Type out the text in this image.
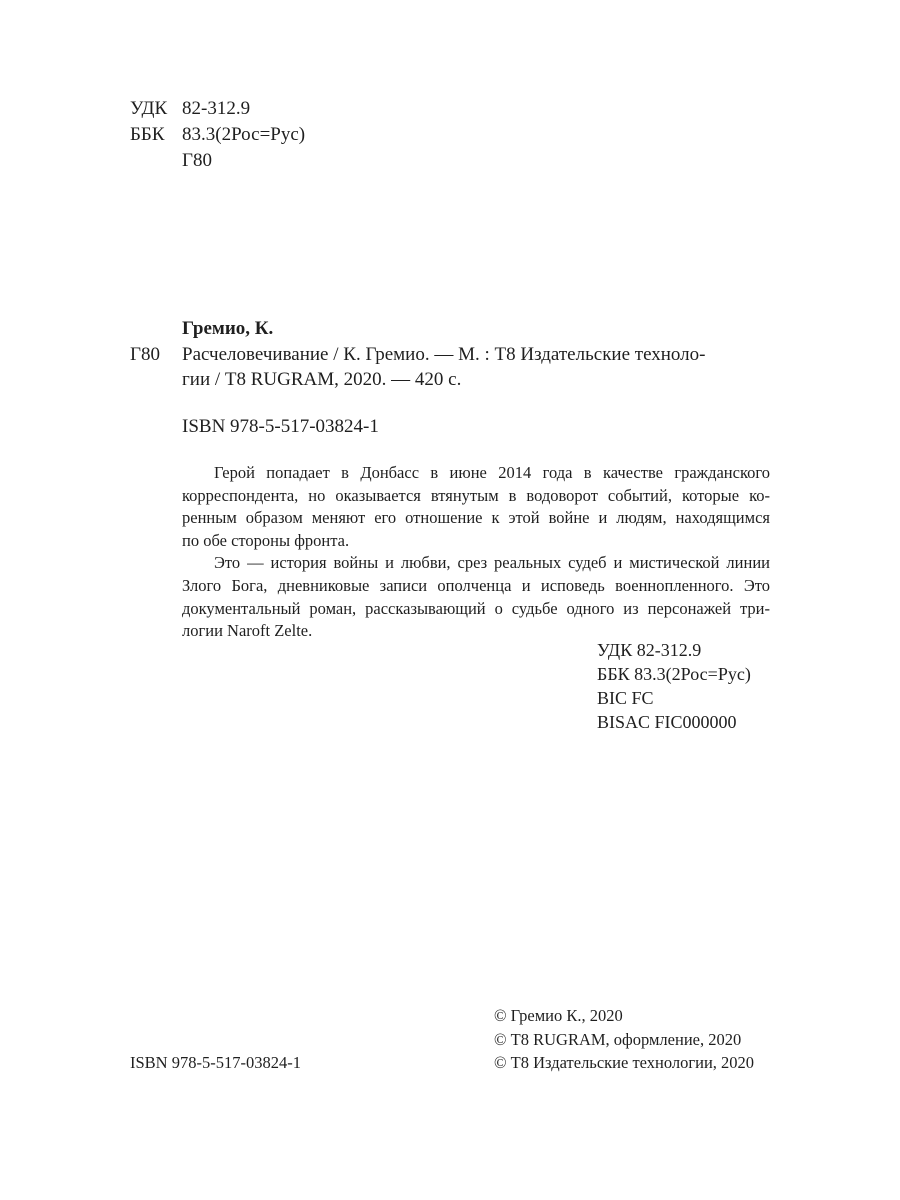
УДК 82-312.9
ББК 83.3(2Рос=Рус)
Г80
Гремио, К.
Г80 Расчеловечивание / К. Гремио. — М. : Т8 Издательские техноло-
гии / Т8 RUGRAM, 2020. — 420 с.
ISBN 978-5-517-03824-1
Герой попадает в Донбасс в июне 2014 года в качестве гражданского
корреспондента, но оказывается втянутым в водоворот событий, которые ко-
ренным образом меняют его отношение к этой войне и людям, находящимся
по обе стороны фронта.
Это — история войны и любви, срез реальных судеб и мистической линии
Злого Бога, дневниковые записи ополченца и исповедь военнопленного. Это
документальный роман, рассказывающий о судьбе одного из персонажей три-
логии Naroft Zelte.
УДК 82-312.9
ББК 83.3(2Рос=Рус)
BIC FC
BISAC FIC000000
ISBN 978-5-517-03824-1
© Гремио К., 2020
© Т8 RUGRAM, оформление, 2020
© Т8 Издательские технологии, 2020
